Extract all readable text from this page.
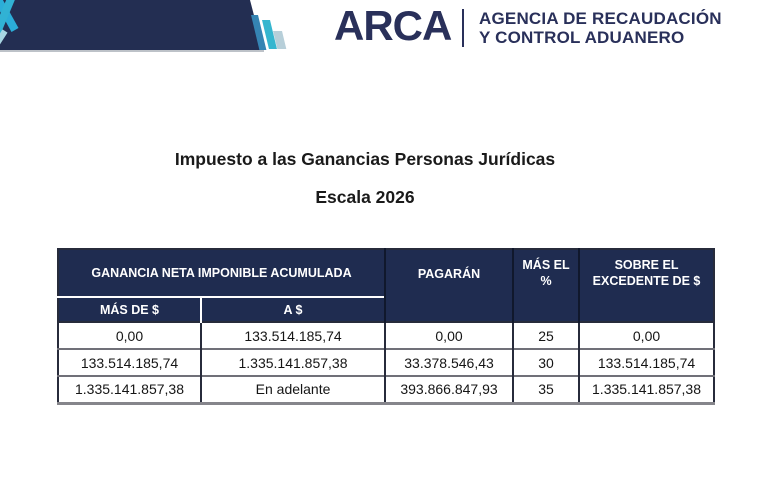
ARCA AGENCIA DE RECAUDACIÓN
Y CONTROL ADUANERO

Impuesto a las Ganancias Personas Jurídicas

Escala 2026

GANANCIA NETA IMPONIBLE ACUMULADA		PAGARÁN	MÁS EL %	SOBRE EL EXCEDENTE DE $
MÁS DE $	A $			
0,00	133.514.185,74	0,00	25	0,00
133.514.185,74	1.335.141.857,38	33.378.546,43	30	133.514.185,74
1.335.141.857,38	En adelante	393.866.847,93	35	1.335.141.857,38
